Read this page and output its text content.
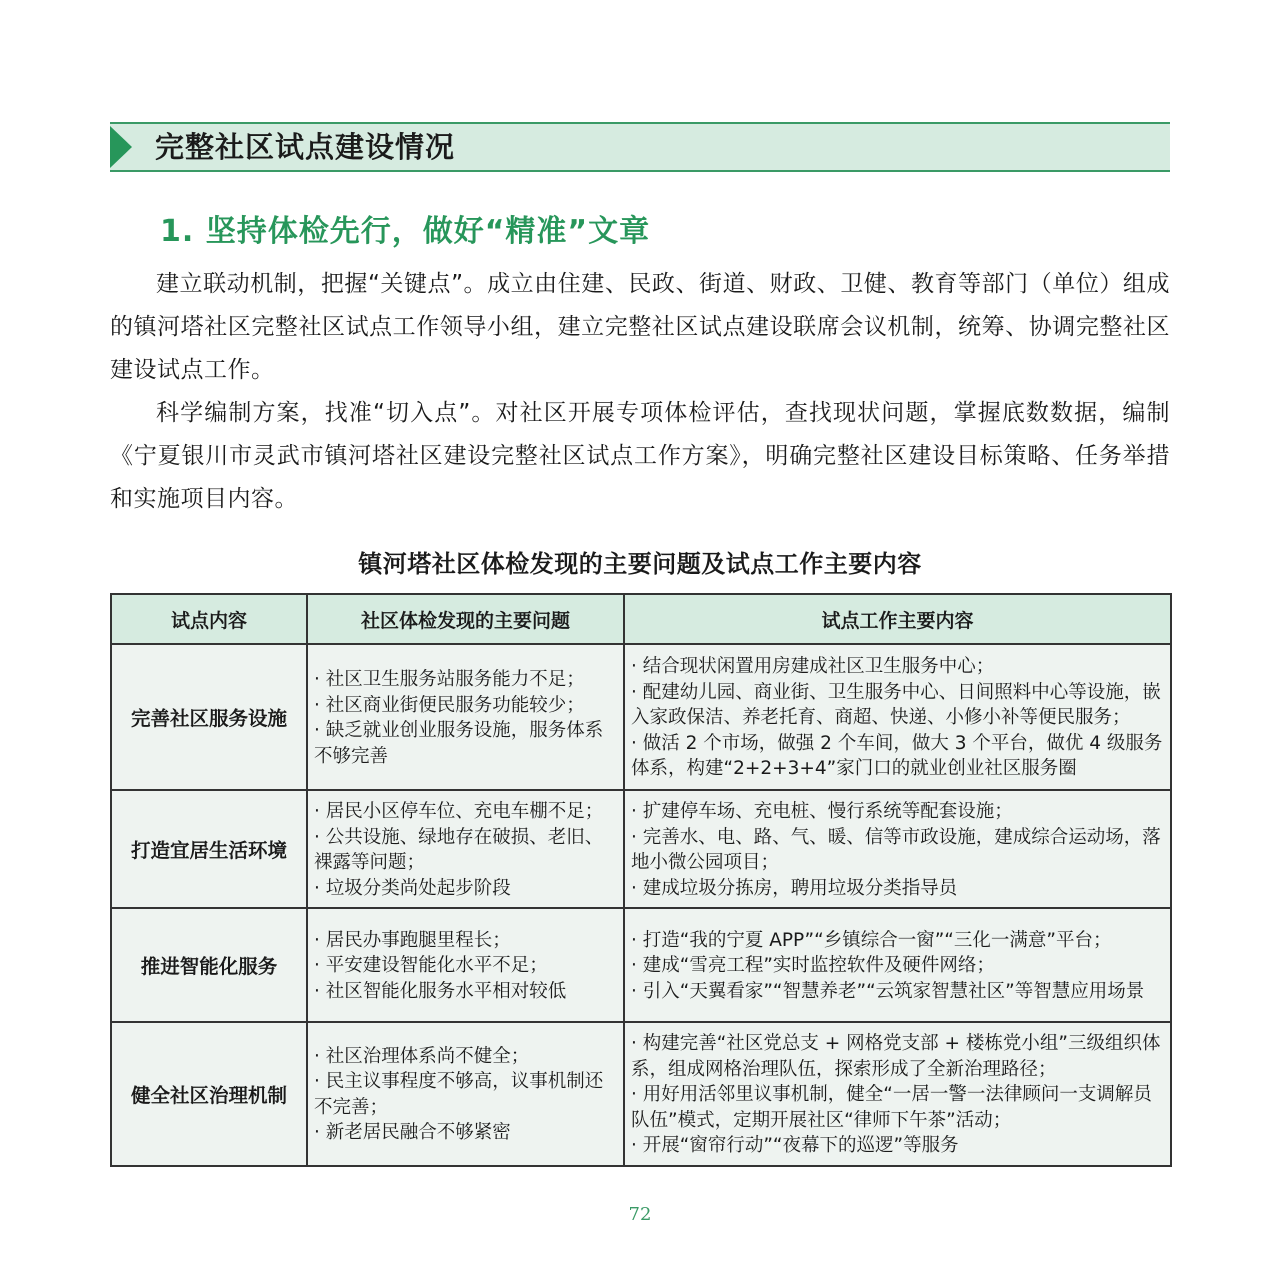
完整社区试点建设情况
1. 坚持体检先行，做好“精准”文章
建立联动机制，把握“关键点”。成立由住建、民政、街道、财政、卫健、教育等部门（单位）组成的镇河塔社区完整社区试点工作领导小组，建立完整社区试点建设联席会议机制，统筹、协调完整社区建设试点工作。
科学编制方案，找准“切入点”。对社区开展专项体检评估，查找现状问题，掌握底数数据，编制《宁夏银川市灵武市镇河塔社区建设完整社区试点工作方案》，明确完整社区建设目标策略、任务举措和实施项目内容。
镇河塔社区体检发现的主要问题及试点工作主要内容
试点内容	社区体检发现的主要问题	试点工作主要内容
完善社区服务设施	· 社区卫生服务站服务能力不足；
· 社区商业街便民服务功能较少；
· 缺乏就业创业服务设施，服务体系不够完善	· 结合现状闲置用房建成社区卫生服务中心；
· 配建幼儿园、商业街、卫生服务中心、日间照料中心等设施，嵌入家政保洁、养老托育、商超、快递、小修小补等便民服务；
· 做活 2 个市场，做强 2 个车间，做大 3 个平台，做优 4 级服务体系，构建“2+2+3+4”家门口的就业创业社区服务圈

打造宜居生活环境	· 居民小区停车位、充电车棚不足；
· 公共设施、绿地存在破损、老旧、裸露等问题；
· 垃圾分类尚处起步阶段	· 扩建停车场、充电桩、慢行系统等配套设施；
· 完善水、电、路、气、暖、信等市政设施，建成综合运动场，落地小微公园项目；
· 建成垃圾分拣房，聘用垃圾分类指导员

推进智能化服务	· 居民办事跑腿里程长；
· 平安建设智能化水平不足；
· 社区智能化服务水平相对较低	· 打造“我的宁夏 APP”“乡镇综合一窗”“三化一满意”平台；
· 建成“雪亮工程”实时监控软件及硬件网络；
· 引入“天翼看家”“智慧养老”“云筑家智慧社区”等智慧应用场景

健全社区治理机制	· 社区治理体系尚不健全；
· 民主议事程度不够高，议事机制还不完善；
· 新老居民融合不够紧密	· 构建完善“社区党总支 + 网格党支部 + 楼栋党小组”三级组织体系，组成网格治理队伍，探索形成了全新治理路径；
· 用好用活邻里议事机制，健全“一居一警一法律顾问一支调解员队伍”模式，定期开展社区“律师下午茶”活动；
· 开展“窗帘行动”“夜幕下的巡逻”等服务
72
